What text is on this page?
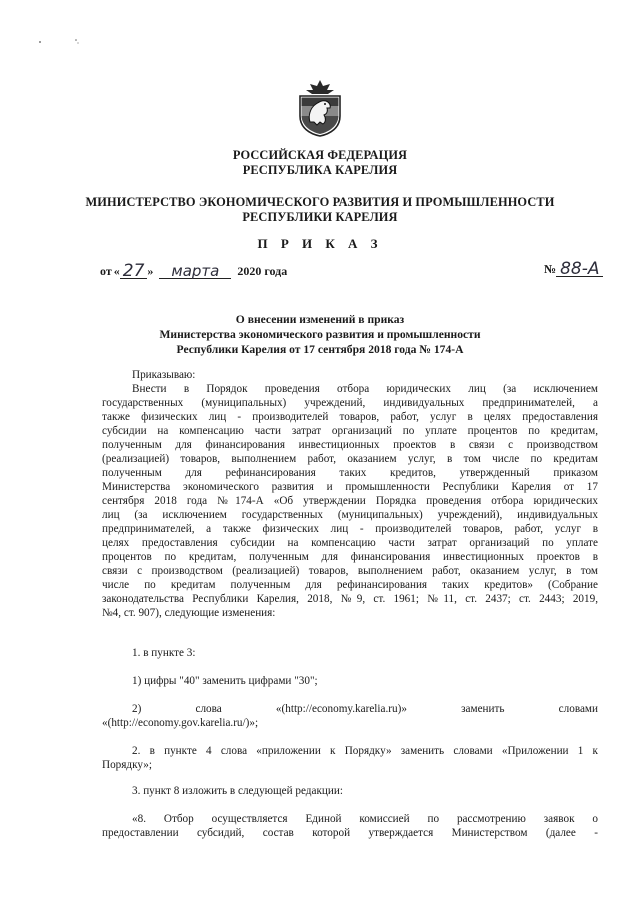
РОССИЙСКАЯ ФЕДЕРАЦИЯ
РЕСПУБЛИКА КАРЕЛИЯ
МИНИСТЕРСТВО ЭКОНОМИЧЕСКОГО РАЗВИТИЯ И ПРОМЫШЛЕННОСТИ
РЕСПУБЛИКИ КАРЕЛИЯ
П Р И К А З
от « 27 »	марта	2020 года	№ 88-А
О внесении изменений в приказ
Министерства экономического развития и промышленности
Республики Карелия от 17 сентября 2018 года № 174-А
Приказываю:
Внести в Порядок проведения отбора юридических лиц (за исключением
государственных (муниципальных) учреждений, индивидуальных предпринимателей, а
также физических лиц - производителей товаров, работ, услуг в целях предоставления
субсидии на компенсацию части затрат организаций по уплате процентов по кредитам,
полученным для финансирования инвестиционных проектов в связи с производством
(реализацией) товаров, выполнением работ, оказанием услуг, в том числе по кредитам
полученным для рефинансирования таких кредитов, утвержденный приказом
Министерства экономического развития и промышленности Республики Карелия от 17
сентября 2018 года №174-А «Об утверждении Порядка проведения отбора юридических
лиц (за исключением государственных (муниципальных) учреждений), индивидуальных
предпринимателей, а также физических лиц - производителей товаров, работ, услуг в
целях предоставления субсидии на компенсацию части затрат организаций по уплате
процентов по кредитам, полученным для финансирования инвестиционных проектов в
связи с производством (реализацией) товаров, выполнением работ, оказанием услуг, в том
числе по кредитам полученным для рефинансирования таких кредитов» (Собрание
законодательства Республики Карелия, 2018, №9, ст. 1961; №11, ст. 2437; ст. 2443; 2019,
№4, ст. 907), следующие изменения:
1. в пункте 3:
1) цифры "40" заменить цифрами "30";
2) слова «(http://economy.karelia.ru)» заменить словами
«(http://economy.gov.karelia.ru/)»;
2. в пункте 4 слова «приложении к Порядку» заменить словами «Приложении 1 к
Порядку»;
3. пункт 8 изложить в следующей редакции:
«8. Отбор осуществляется Единой комиссией по рассмотрению заявок о
предоставлении субсидий, состав которой утверждается Министерством (далее -
